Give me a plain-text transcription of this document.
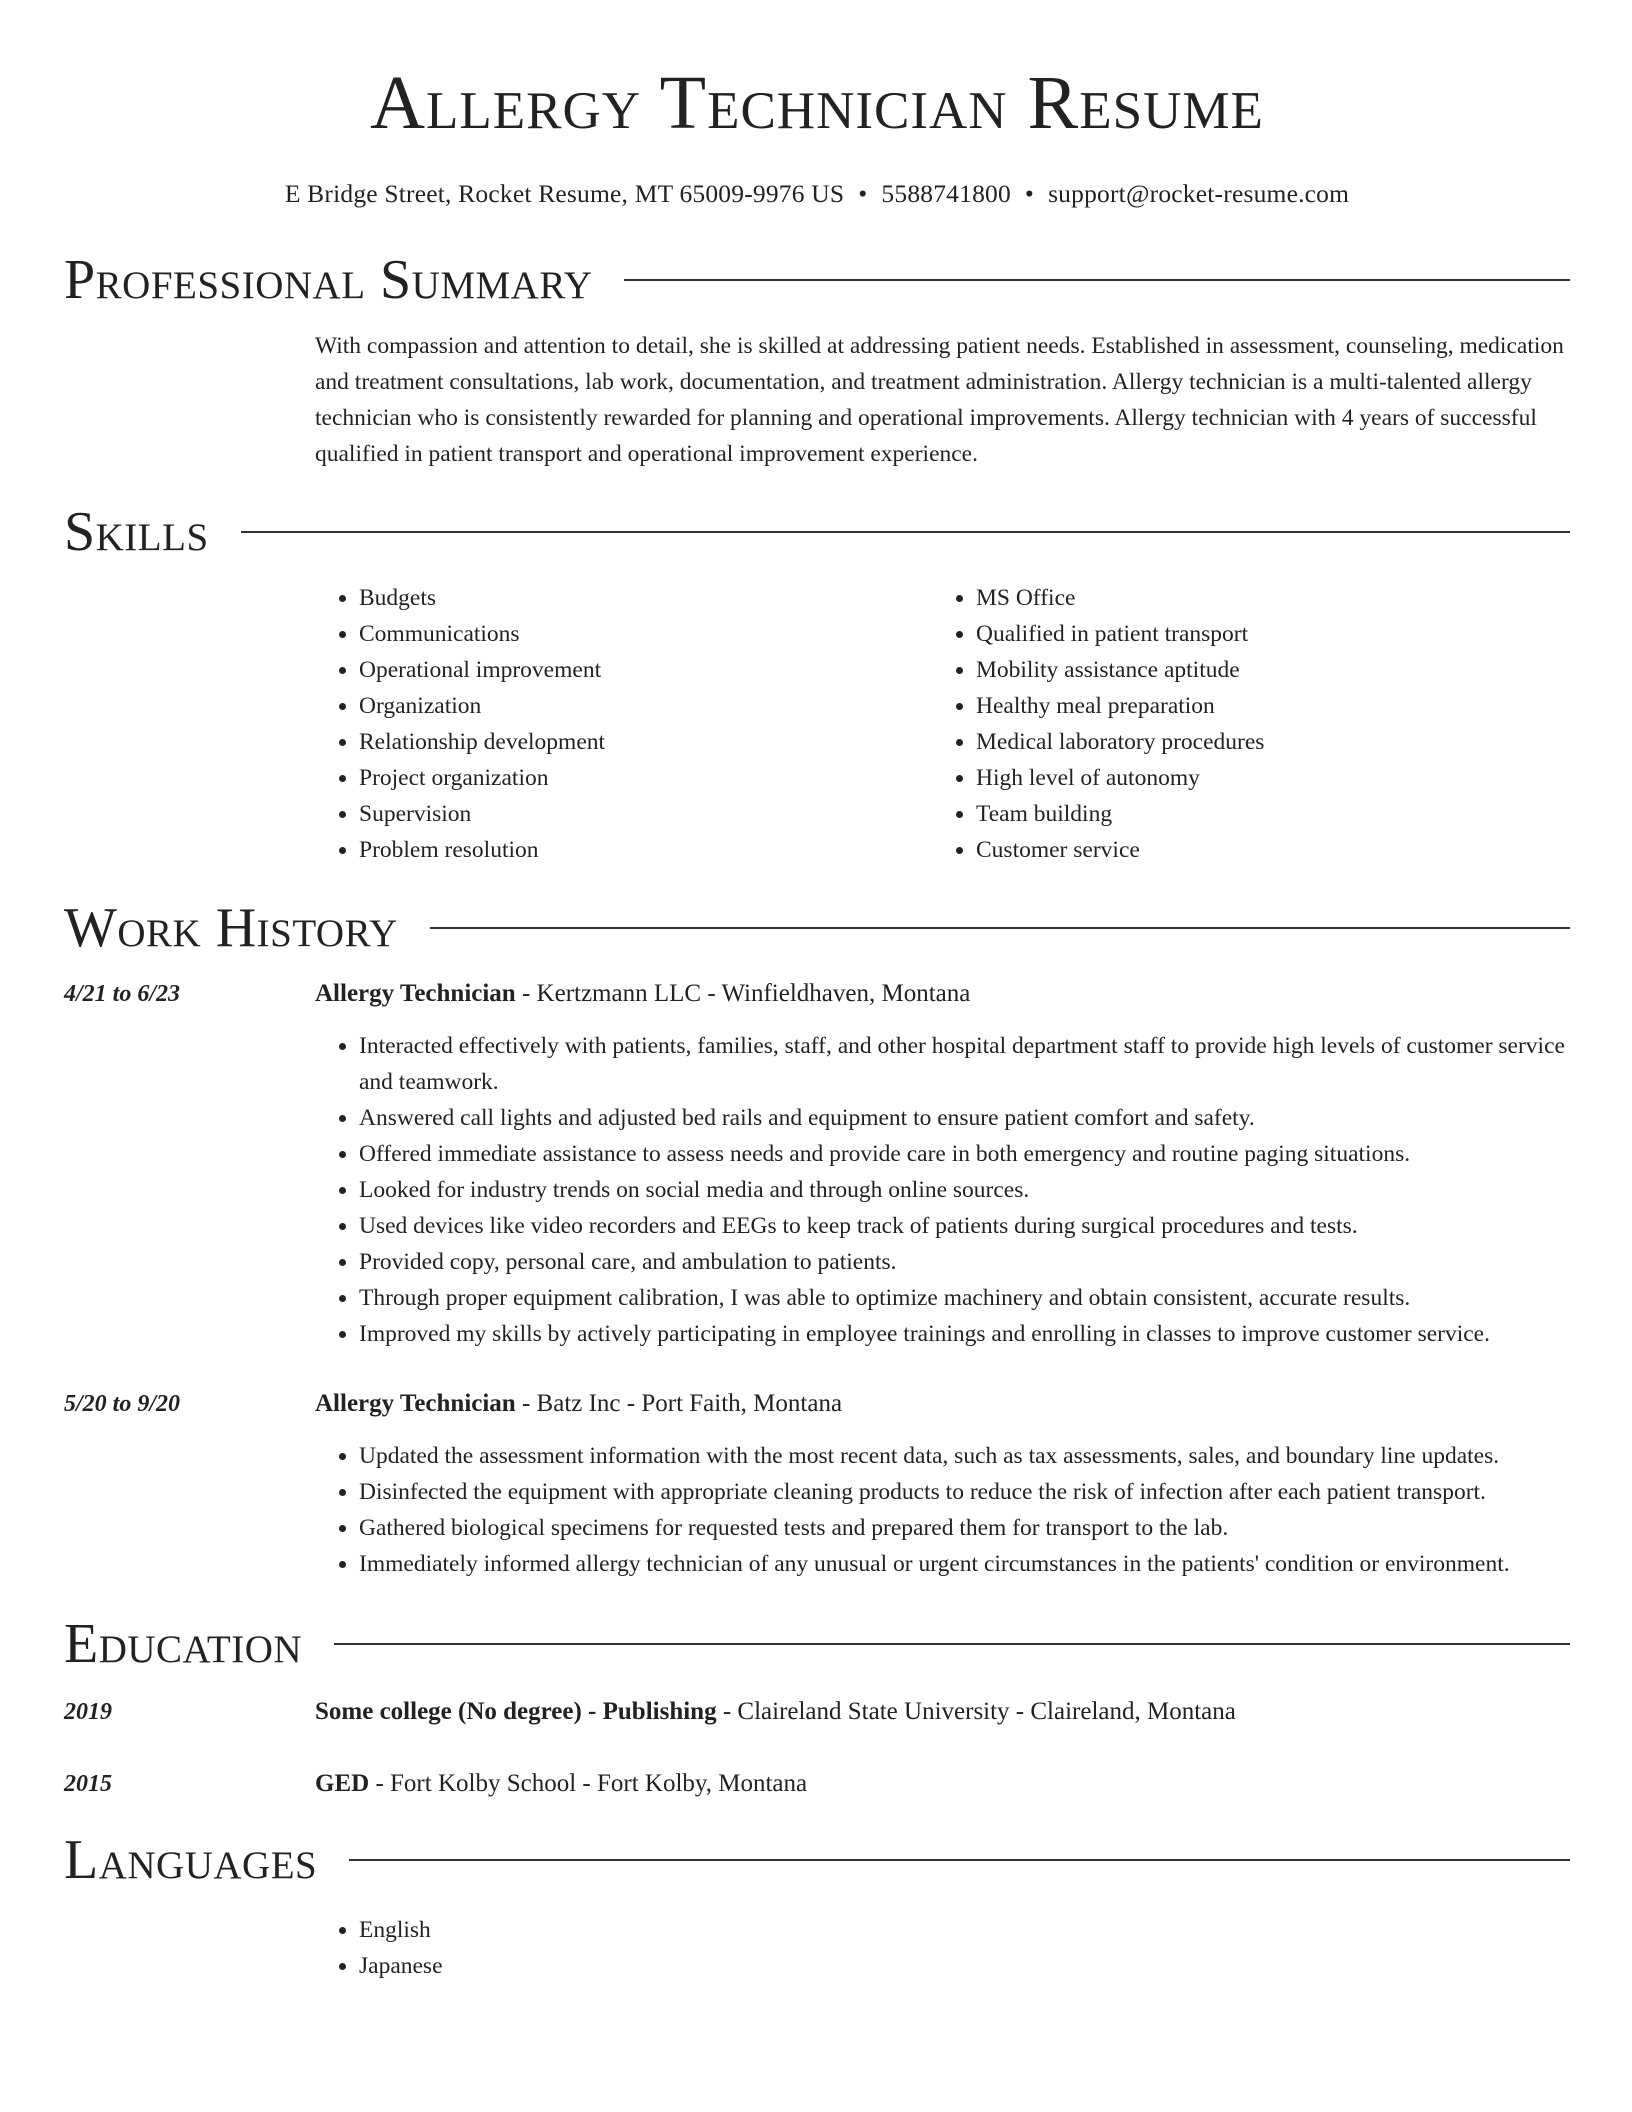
Allergy Technician Resume
E Bridge Street, Rocket Resume, MT 65009-9976 US • 5588741800 • support@rocket-resume.com
Professional Summary
With compassion and attention to detail, she is skilled at addressing patient needs. Established in assessment, counseling, medication and treatment consultations, lab work, documentation, and treatment administration. Allergy technician is a multi-talented allergy technician who is consistently rewarded for planning and operational improvements. Allergy technician with 4 years of successful qualified in patient transport and operational improvement experience.
Skills
• Budgets
• Communications
• Operational improvement
• Organization
• Relationship development
• Project organization
• Supervision
• Problem resolution
• MS Office
• Qualified in patient transport
• Mobility assistance aptitude
• Healthy meal preparation
• Medical laboratory procedures
• High level of autonomy
• Team building
• Customer service
Work History
4/21 to 6/23	Allergy Technician - Kertzmann LLC - Winfieldhaven, Montana
• Interacted effectively with patients, families, staff, and other hospital department staff to provide high levels of customer service and teamwork.
• Answered call lights and adjusted bed rails and equipment to ensure patient comfort and safety.
• Offered immediate assistance to assess needs and provide care in both emergency and routine paging situations.
• Looked for industry trends on social media and through online sources.
• Used devices like video recorders and EEGs to keep track of patients during surgical procedures and tests.
• Provided copy, personal care, and ambulation to patients.
• Through proper equipment calibration, I was able to optimize machinery and obtain consistent, accurate results.
• Improved my skills by actively participating in employee trainings and enrolling in classes to improve customer service.
5/20 to 9/20	Allergy Technician - Batz Inc - Port Faith, Montana
• Updated the assessment information with the most recent data, such as tax assessments, sales, and boundary line updates.
• Disinfected the equipment with appropriate cleaning products to reduce the risk of infection after each patient transport.
• Gathered biological specimens for requested tests and prepared them for transport to the lab.
• Immediately informed allergy technician of any unusual or urgent circumstances in the patients' condition or environment.
Education
2019	Some college (No degree) - Publishing - Claireland State University - Claireland, Montana
2015	GED - Fort Kolby School - Fort Kolby, Montana
Languages
• English
• Japanese
